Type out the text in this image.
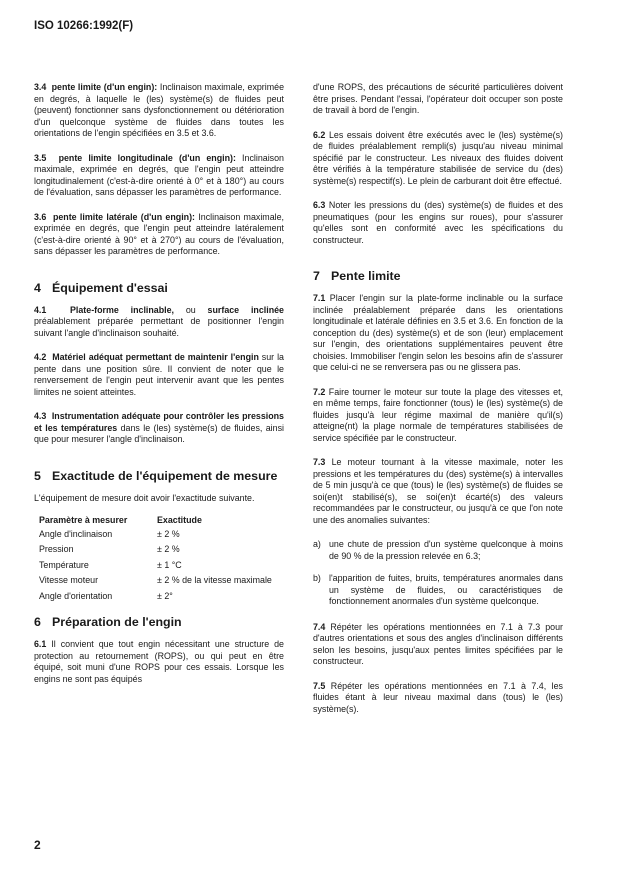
ISO 10266:1992(F)

3.4 pente limite (d'un engin): Inclinaison maximale, exprimée en degrés, à laquelle le (les) système(s) de fluides peut (peuvent) fonctionner sans dysfonctionnement ou détérioration d'un quelconque système de fluides dans toutes les orientations de l'engin spécifiées en 3.5 et 3.6.

3.5 pente limite longitudinale (d'un engin): Inclinaison maximale, exprimée en degrés, que l'engin peut atteindre longitudinalement (c'est-à-dire orienté à 0° et à 180°) au cours de l'évaluation, sans dépasser les paramètres de performance.

3.6 pente limite latérale (d'un engin): Inclinaison maximale, exprimée en degrés, que l'engin peut atteindre latéralement (c'est-à-dire orienté à 90° et à 270°) au cours de l'évaluation, sans dépasser les paramètres de performance.

4 Équipement d'essai

4.1	Plate-forme inclinable, ou surface inclinée préalablement préparée permettant de positionner l'engin suivant l'angle d'inclinaison souhaité.

4.2 Matériel adéquat permettant de maintenir l'engin sur la pente dans une position sûre. Il convient de noter que le renversement de l'engin peut intervenir avant que les pentes limites ne soient atteintes.

4.3 Instrumentation adéquate pour contrôler les pressions et les températures dans le (les) système(s) de fluides, ainsi que pour mesurer l'angle d'inclinaison.

5 Exactitude de l'équipement de mesure

L'équipement de mesure doit avoir l'exactitude suivante.

Paramètre à mesurer	Exactitude
Angle d'inclinaison	± 2 %
Pression	± 2 %
Température	± 1 °C
Vitesse moteur	± 2 % de la vitesse maximale
Angle d'orientation	± 2°
6 Préparation de l'engin

6.1 Il convient que tout engin nécessitant une structure de protection au retournement (ROPS), ou qui peut en être équipé, soit muni d'une ROPS pour ces essais. Lorsque les engins ne sont pas équipés

d'une ROPS, des précautions de sécurité particulières doivent être prises. Pendant l'essai, l'opérateur doit occuper son poste de travail à bord de l'engin.

6.2 Les essais doivent être exécutés avec le (les) système(s) de fluides préalablement rempli(s) jusqu'au niveau minimal spécifié par le constructeur. Les niveaux des fluides doivent être vérifiés à la température stabilisée de service du (des) système(s) respectif(s). Le plein de carburant doit être effectué.

6.3 Noter les pressions du (des) système(s) de fluides et des pneumatiques (pour les engins sur roues), pour s'assurer qu'elles sont en conformité avec les spécifications du constructeur.

7 Pente limite

7.1 Placer l'engin sur la plate-forme inclinable ou la surface inclinée préalablement préparée dans les orientations longitudinale et latérale définies en 3.5 et 3.6. En fonction de la conception du (des) système(s) et de son (leur) emplacement sur l'engin, des orientations supplémentaires peuvent être choisies. Immobiliser l'engin selon les besoins afin de s'assurer que celui-ci ne se renversera pas ou ne glissera pas.

7.2 Faire tourner le moteur sur toute la plage des vitesses et, en même temps, faire fonctionner (tous) le (les) système(s) de fluides jusqu'à leur régime maximal de manière qu'il(s) atteigne(nt) la plage normale de températures stabilisées de service spécifiée par le constructeur.

7.3 Le moteur tournant à la vitesse maximale, noter les pressions et les températures du (des) système(s) à intervalles de 5 min jusqu'à ce que (tous) le (les) système(s) de fluides se soi(en)t stabilisé(s), se soi(en)t écarté(s) des valeurs recommandées par le constructeur, ou jusqu'à ce que l'on note une des anomalies suivantes:

a) une chute de pression d'un système quelconque à moins de 90 % de la pression relevée en 6.3;
b) l'apparition de fuites, bruits, températures anormales dans un système de fluides, ou caractéristiques de fonctionnement anormales d'un système quelconque.

7.4 Répéter les opérations mentionnées en 7.1 à 7.3 pour d'autres orientations et sous des angles d'inclinaison différents selon les besoins, jusqu'aux pentes limites spécifiées par le constructeur.

7.5 Répéter les opérations mentionnées en 7.1 à 7.4, les fluides étant à leur niveau maximal dans (tous) le (les) système(s).

2
